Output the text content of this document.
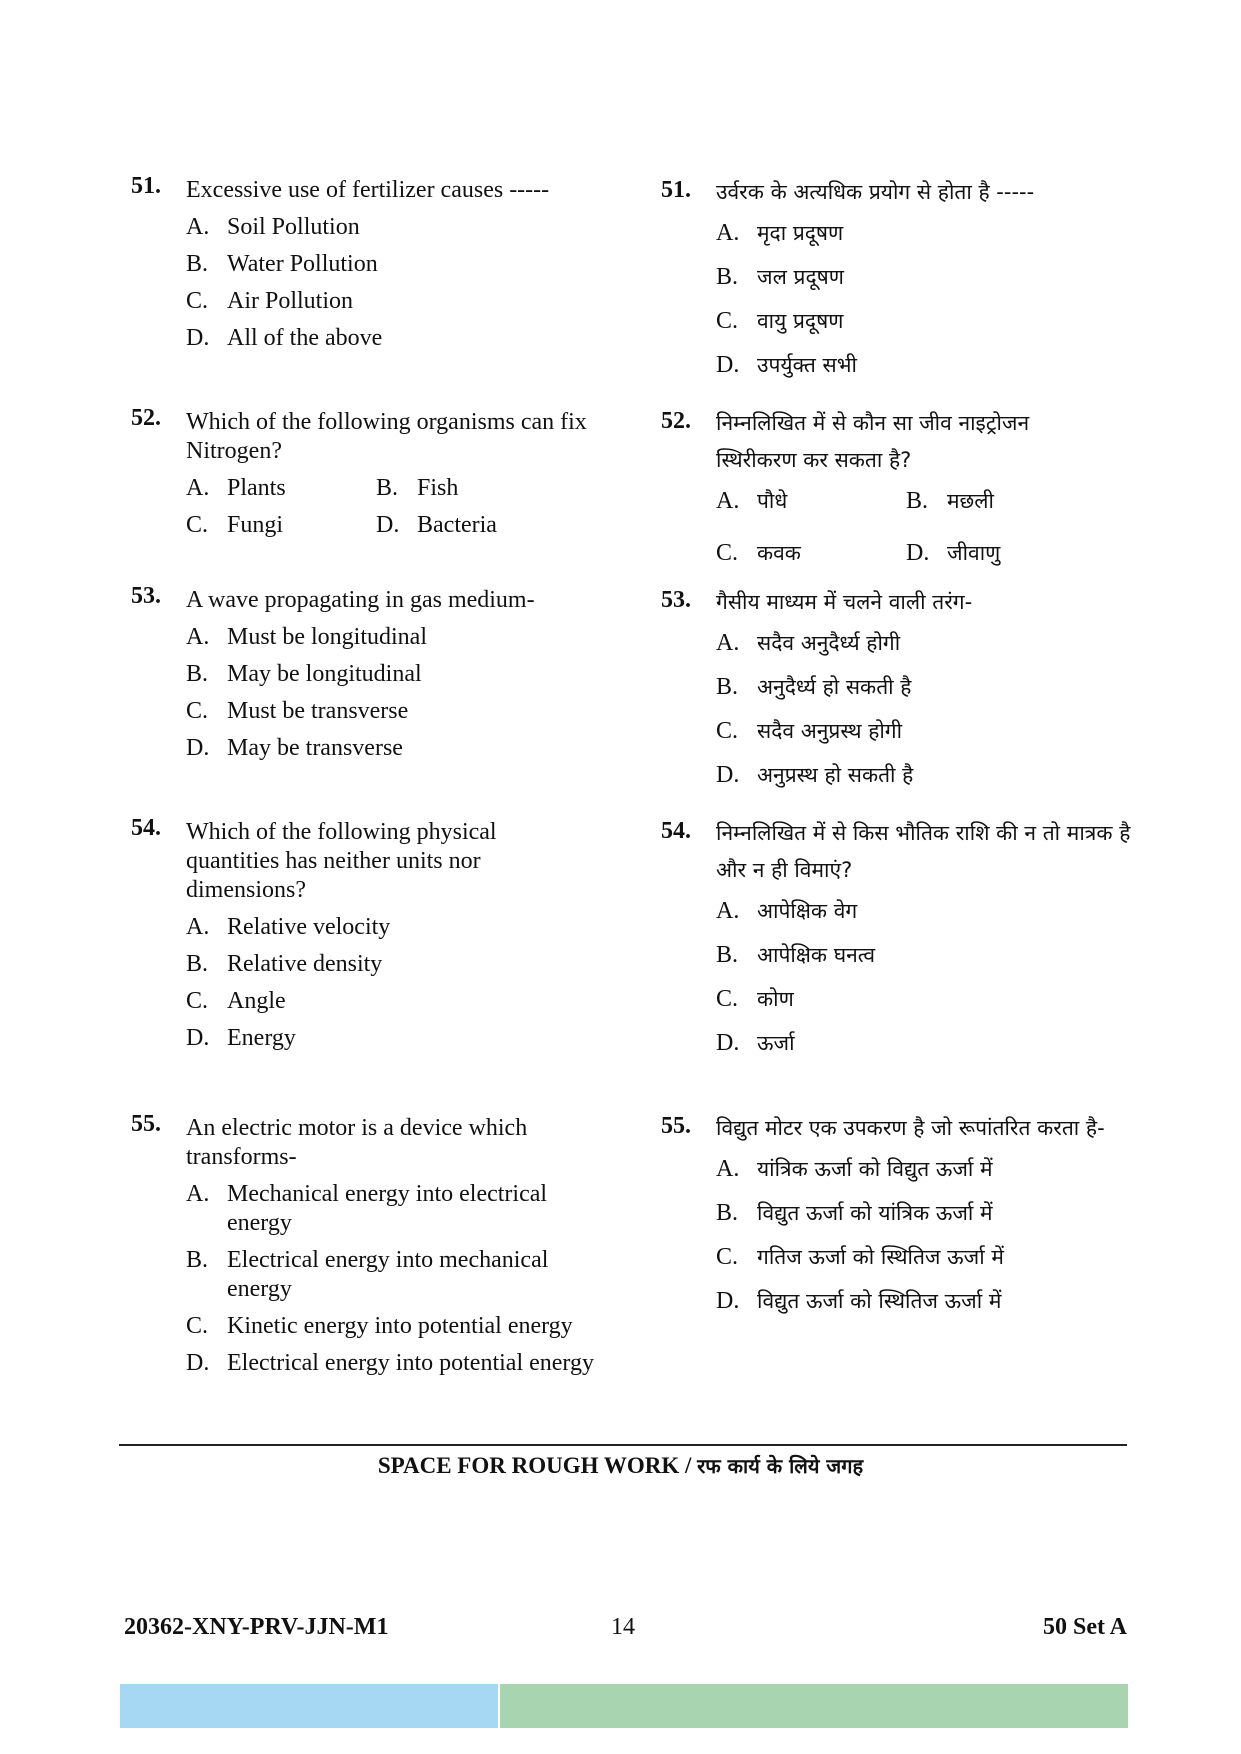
51. Excessive use of fertilizer causes -----
A. Soil Pollution
B. Water Pollution
C. Air Pollution
D. All of the above
52. Which of the following organisms can fix Nitrogen?
A. Plants	B. Fish
C. Fungi	D. Bacteria
53. A wave propagating in gas medium-
A. Must be longitudinal
B. May be longitudinal
C. Must be transverse
D. May be transverse
54. Which of the following physical quantities has neither units nor dimensions?
A. Relative velocity
B. Relative density
C. Angle
D. Energy
55. An electric motor is a device which transforms-
A. Mechanical energy into electrical energy
B. Electrical energy into mechanical energy
C. Kinetic energy into potential energy
D. Electrical energy into potential energy
51. उर्वरक के अत्यधिक प्रयोग से होता है -----
A. मृदा प्रदूषण
B. जल प्रदूषण
C. वायु प्रदूषण
D. उपर्युक्त सभी
52. निम्नलिखित में से कौन सा जीव नाइट्रोजन स्थिरीकरण कर सकता है?
A. पौधे	B. मछली
C. कवक	D. जीवाणु
53. गैसीय माध्यम में चलने वाली तरंग-
A. सदैव अनुदैर्ध्य होगी
B. अनुदैर्ध्य हो सकती है
C. सदैव अनुप्रस्थ होगी
D. अनुप्रस्थ हो सकती है
54. निम्नलिखित में से किस भौतिक राशि की न तो मात्रक है और न ही विमाएं?
A. आपेक्षिक वेग
B. आपेक्षिक घनत्व
C. कोण
D. ऊर्जा
55. विद्युत मोटर एक उपकरण है जो रूपांतरित करता है-
A. यांत्रिक ऊर्जा को विद्युत ऊर्जा में
B. विद्युत ऊर्जा को यांत्रिक ऊर्जा में
C. गतिज ऊर्जा को स्थितिज ऊर्जा में
D. विद्युत ऊर्जा को स्थितिज ऊर्जा में
SPACE FOR ROUGH WORK / रफ कार्य के लिये जगह
20362-XNY-PRV-JJN-M1	14	50 Set A
